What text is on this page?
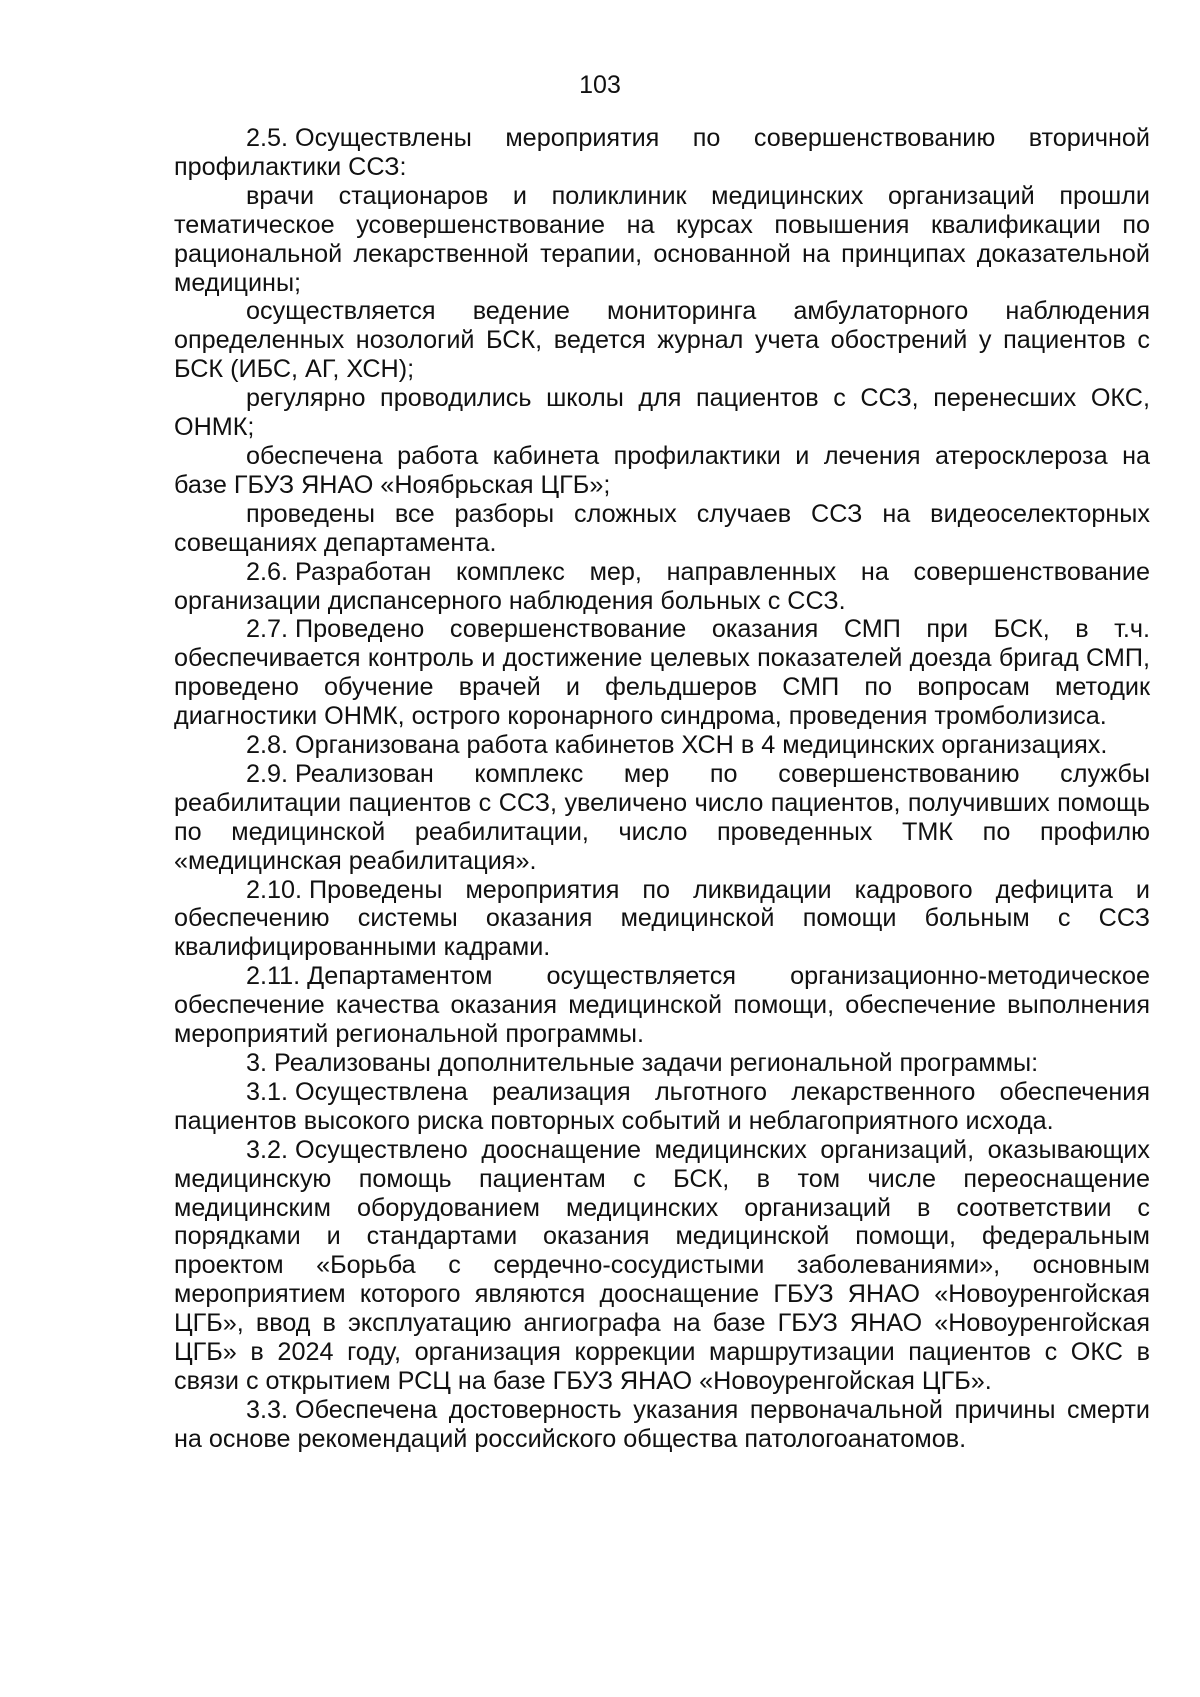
103

2.5. Осуществлены мероприятия по совершенствованию вторичной профилактики ССЗ:

врачи стационаров и поликлиник медицинских организаций прошли тематическое усовершенствование на курсах повышения квалификации по рациональной лекарственной терапии, основанной на принципах доказательной медицины;

осуществляется ведение мониторинга амбулаторного наблюдения определенных нозологий БСК, ведется журнал учета обострений у пациентов с БСК (ИБС, АГ, ХСН);

регулярно проводились школы для пациентов с ССЗ, перенесших ОКС, ОНМК;

обеспечена работа кабинета профилактики и лечения атеросклероза на базе ГБУЗ ЯНАО «Ноябрьская ЦГБ»;

проведены все разборы сложных случаев ССЗ на видеоселекторных совещаниях департамента.

2.6. Разработан комплекс мер, направленных на совершенствование организации диспансерного наблюдения больных с ССЗ.

2.7. Проведено совершенствование оказания СМП при БСК, в т.ч. обеспечивается контроль и достижение целевых показателей доезда бригад СМП, проведено обучение врачей и фельдшеров СМП по вопросам методик диагностики ОНМК, острого коронарного синдрома, проведения тромболизиса.

2.8. Организована работа кабинетов ХСН в 4 медицинских организациях.

2.9. Реализован комплекс мер по совершенствованию службы реабилитации пациентов с ССЗ, увеличено число пациентов, получивших помощь по медицинской реабилитации, число проведенных ТМК по профилю «медицинская реабилитация».

2.10. Проведены мероприятия по ликвидации кадрового дефицита и обеспечению системы оказания медицинской помощи больным с ССЗ квалифицированными кадрами.

2.11. Департаментом осуществляется организационно-методическое обеспечение качества оказания медицинской помощи, обеспечение выполнения мероприятий региональной программы.

3. Реализованы дополнительные задачи региональной программы:

3.1. Осуществлена реализация льготного лекарственного обеспечения пациентов высокого риска повторных событий и неблагоприятного исхода.

3.2. Осуществлено дооснащение медицинских организаций, оказывающих медицинскую помощь пациентам с БСК, в том числе переоснащение медицинским оборудованием медицинских организаций в соответствии с порядками и стандартами оказания медицинской помощи, федеральным проектом «Борьба с сердечно-сосудистыми заболеваниями», основным мероприятием которого являются дооснащение ГБУЗ ЯНАО «Новоуренгойская ЦГБ», ввод в эксплуатацию ангиографа на базе ГБУЗ ЯНАО «Новоуренгойская ЦГБ» в 2024 году, организация коррекции маршрутизации пациентов с ОКС в связи с открытием РСЦ на базе ГБУЗ ЯНАО «Новоуренгойская ЦГБ».

3.3. Обеспечена достоверность указания первоначальной причины смерти на основе рекомендаций российского общества патологоанатомов.
